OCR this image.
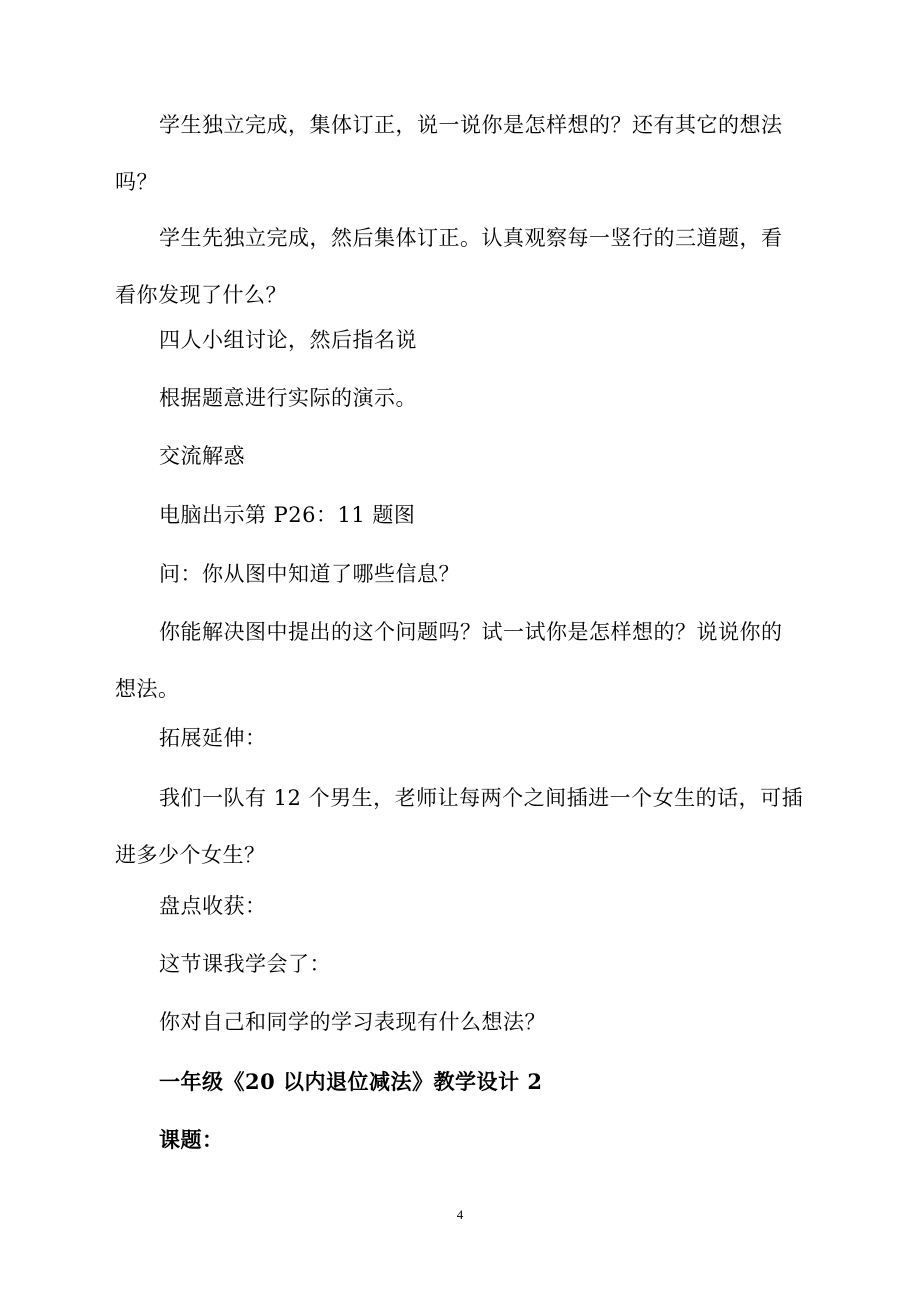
学生独立完成，集体订正，说一说你是怎样想的？还有其它的想法
吗？

学生先独立完成，然后集体订正。认真观察每一竖行的三道题，看
看你发现了什么？

四人小组讨论，然后指名说

根据题意进行实际的演示。

交流解惑

电脑出示第 P26：11 题图

问：你从图中知道了哪些信息？

你能解决图中提出的这个问题吗？试一试你是怎样想的？说说你的
想法。

拓展延伸：

我们一队有 12 个男生，老师让每两个之间插进一个女生的话，可插
进多少个女生？

盘点收获：

这节课我学会了：

你对自己和同学的学习表现有什么想法？

一年级《20 以内退位减法》教学设计 2

课题：

4
